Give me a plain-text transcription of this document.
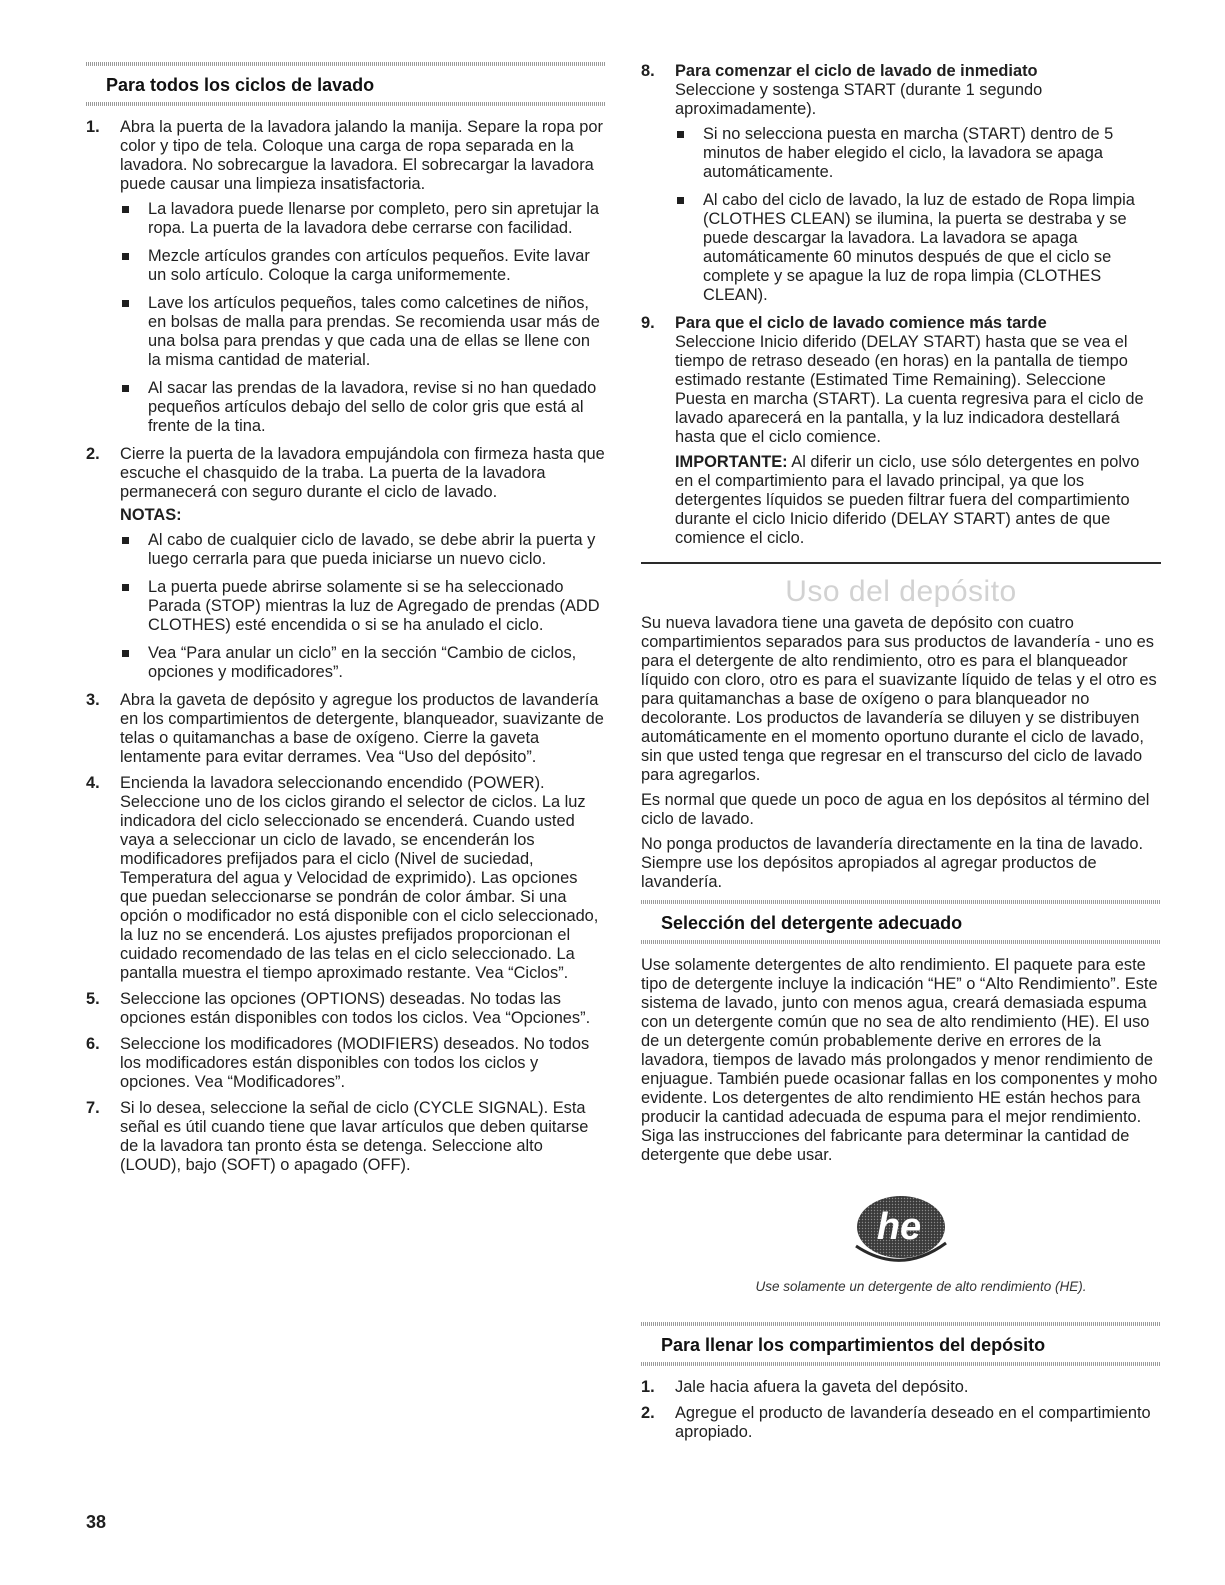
Para todos los ciclos de lavado
1.	Abra la puerta de la lavadora jalando la manija. Separe la ropa por color y tipo de tela. Coloque una carga de ropa separada en la lavadora. No sobrecargue la lavadora. El sobrecargar la lavadora puede causar una limpieza insatisfactoria.
La lavadora puede llenarse por completo, pero sin apretujar la ropa. La puerta de la lavadora debe cerrarse con facilidad.
Mezcle artículos grandes con artículos pequeños. Evite lavar un solo artículo. Coloque la carga uniformemente.
Lave los artículos pequeños, tales como calcetines de niños, en bolsas de malla para prendas. Se recomienda usar más de una bolsa para prendas y que cada una de ellas se llene con la misma cantidad de material.
Al sacar las prendas de la lavadora, revise si no han quedado pequeños artículos debajo del sello de color gris que está al frente de la tina.
2.	Cierre la puerta de la lavadora empujándola con firmeza hasta que escuche el chasquido de la traba. La puerta de la lavadora permanecerá con seguro durante el ciclo de lavado.
NOTAS:
Al cabo de cualquier ciclo de lavado, se debe abrir la puerta y luego cerrarla para que pueda iniciarse un nuevo ciclo.
La puerta puede abrirse solamente si se ha seleccionado Parada (STOP) mientras la luz de Agregado de prendas (ADD CLOTHES) esté encendida o si se ha anulado el ciclo.
Vea “Para anular un ciclo” en la sección “Cambio de ciclos, opciones y modificadores”.
3.	Abra la gaveta de depósito y agregue los productos de lavandería en los compartimientos de detergente, blanqueador, suavizante de telas o quitamanchas a base de oxígeno. Cierre la gaveta lentamente para evitar derrames. Vea “Uso del depósito”.
4.	Encienda la lavadora seleccionando encendido (POWER). Seleccione uno de los ciclos girando el selector de ciclos. La luz indicadora del ciclo seleccionado se encenderá. Cuando usted vaya a seleccionar un ciclo de lavado, se encenderán los modificadores prefijados para el ciclo (Nivel de suciedad, Temperatura del agua y Velocidad de exprimido). Las opciones que puedan seleccionarse se pondrán de color ámbar. Si una opción o modificador no está disponible con el ciclo seleccionado, la luz no se encenderá. Los ajustes prefijados proporcionan el cuidado recomendado de las telas en el ciclo seleccionado. La pantalla muestra el tiempo aproximado restante. Vea “Ciclos”.
5.	Seleccione las opciones (OPTIONS) deseadas. No todas las opciones están disponibles con todos los ciclos. Vea “Opciones”.
6.	Seleccione los modificadores (MODIFIERS) deseados. No todos los modificadores están disponibles con todos los ciclos y opciones. Vea “Modificadores”.
7.	Si lo desea, seleccione la señal de ciclo (CYCLE SIGNAL). Esta señal es útil cuando tiene que lavar artículos que deben quitarse de la lavadora tan pronto ésta se detenga. Seleccione alto (LOUD), bajo (SOFT) o apagado (OFF).
8.	Para comenzar el ciclo de lavado de inmediato
Seleccione y sostenga START (durante 1 segundo aproximadamente).
Si no selecciona puesta en marcha (START) dentro de 5 minutos de haber elegido el ciclo, la lavadora se apaga automáticamente.
Al cabo del ciclo de lavado, la luz de estado de Ropa limpia (CLOTHES CLEAN) se ilumina, la puerta se destraba y se puede descargar la lavadora. La lavadora se apaga automáticamente 60 minutos después de que el ciclo se complete y se apague la luz de ropa limpia (CLOTHES CLEAN).
9.	Para que el ciclo de lavado comience más tarde
Seleccione Inicio diferido (DELAY START) hasta que se vea el tiempo de retraso deseado (en horas) en la pantalla de tiempo estimado restante (Estimated Time Remaining). Seleccione Puesta en marcha (START). La cuenta regresiva para el ciclo de lavado aparecerá en la pantalla, y la luz indicadora destellará hasta que el ciclo comience.
IMPORTANTE: Al diferir un ciclo, use sólo detergentes en polvo en el compartimiento para el lavado principal, ya que los detergentes líquidos se pueden filtrar fuera del compartimiento durante el ciclo Inicio diferido (DELAY START) antes de que comience el ciclo.
Uso del depósito

Su nueva lavadora tiene una gaveta de depósito con cuatro compartimientos separados para sus productos de lavandería - uno es para el detergente de alto rendimiento, otro es para el blanqueador líquido con cloro, otro es para el suavizante líquido de telas y el otro es para quitamanchas a base de oxígeno o para blanqueador no decolorante. Los productos de lavandería se diluyen y se distribuyen automáticamente en el momento oportuno durante el ciclo de lavado, sin que usted tenga que regresar en el transcurso del ciclo de lavado para agregarlos.

Es normal que quede un poco de agua en los depósitos al término del ciclo de lavado.

No ponga productos de lavandería directamente en la tina de lavado. Siempre use los depósitos apropiados al agregar productos de lavandería.

Selección del detergente adecuado

Use solamente detergentes de alto rendimiento. El paquete para este tipo de detergente incluye la indicación “HE” o “Alto Rendimiento”. Este sistema de lavado, junto con menos agua, creará demasiada espuma con un detergente común que no sea de alto rendimiento (HE). El uso de un detergente común probablemente derive en errores de la lavadora, tiempos de lavado más prolongados y menor rendimiento de enjuague. También puede ocasionar fallas en los componentes y moho evidente. Los detergentes de alto rendimiento HE están hechos para producir la cantidad adecuada de espuma para el mejor rendimiento. Siga las instrucciones del fabricante para determinar la cantidad de detergente que debe usar.

he
Use solamente un detergente de alto rendimiento (HE).
Para llenar los compartimientos del depósito
1.	Jale hacia afuera la gaveta del depósito.
2.	Agregue el producto de lavandería deseado en el compartimiento apropiado.
38
